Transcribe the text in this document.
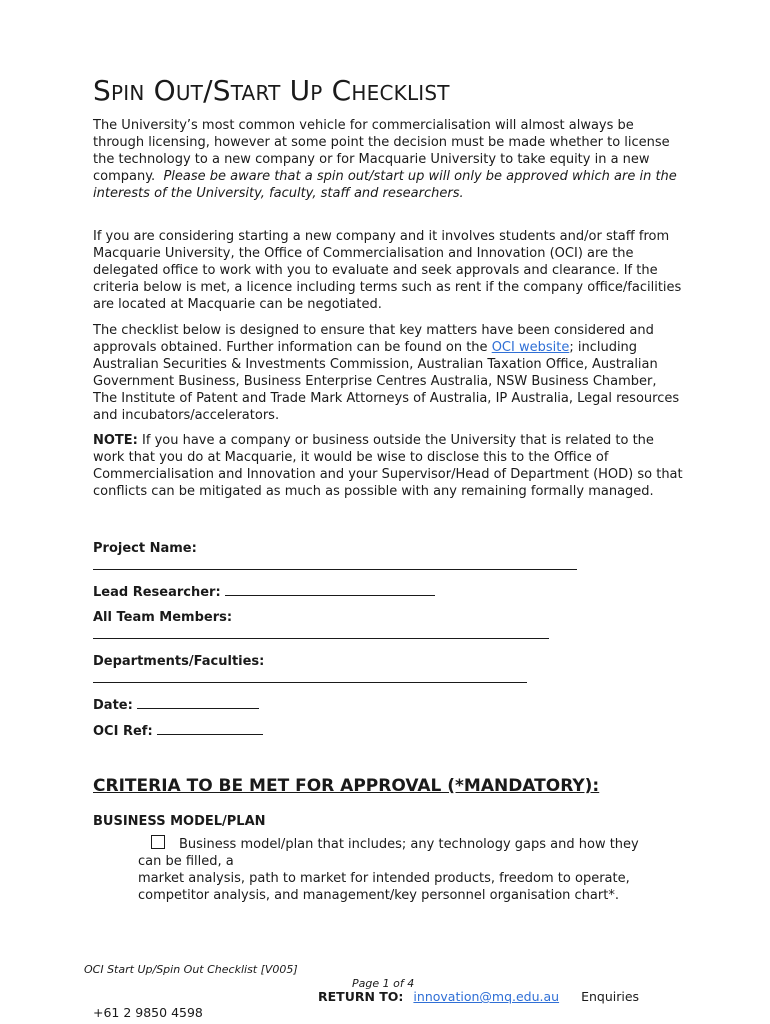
Spin Out/Start Up Checklist

The University’s most common vehicle for commercialisation will almost always be through licensing, however at some point the decision must be made whether to license the technology to a new company or for Macquarie University to take equity in a new company. Please be aware that a spin out/start up will only be approved which are in the interests of the University, faculty, staff and researchers.

If you are considering starting a new company and it involves students and/or staff from Macquarie University, the Office of Commercialisation and Innovation (OCI) are the delegated office to work with you to evaluate and seek approvals and clearance. If the criteria below is met, a licence including terms such as rent if the company office/facilities are located at Macquarie can be negotiated.

The checklist below is designed to ensure that key matters have been considered and approvals obtained. Further information can be found on the OCI website; including Australian Securities & Investments Commission, Australian Taxation Office, Australian Government Business, Business Enterprise Centres Australia, NSW Business Chamber, The Institute of Patent and Trade Mark Attorneys of Australia, IP Australia, Legal resources and incubators/accelerators.

NOTE: If you have a company or business outside the University that is related to the work that you do at Macquarie, it would be wise to disclose this to the Office of Commercialisation and Innovation and your Supervisor/Head of Department (HOD) so that conflicts can be mitigated as much as possible with any remaining formally managed.

Project Name:

Lead Researcher:
All Team Members:

Departments/Faculties:

Date:
OCI Ref:
CRITERIA TO BE MET FOR APPROVAL (*MANDATORY):
BUSINESS MODEL/PLAN
Business model/plan that includes; any technology gaps and how they can be filled, a
market analysis, path to market for intended products, freedom to operate, competitor analysis, and management/key personnel organisation chart*.
OCI Start Up/Spin Out Checklist [V005]
Page 1 of 4
RETURN TO: innovation@mq.edu.au Enquiries
+61 2 9850 4598
